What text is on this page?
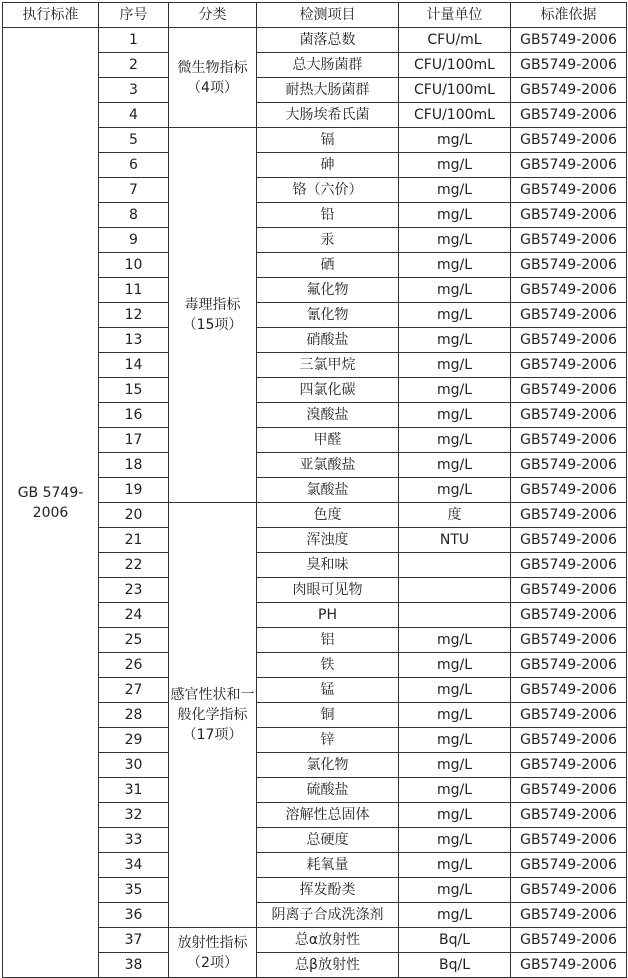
执行标准	序号	分类	检测项目	计量单位	标准依据
GB 5749-2006	1	微生物指标（4项）	菌落总数	CFU/mL	GB5749-2006
	2		总大肠菌群	CFU/100mL	GB5749-2006
	3		耐热大肠菌群	CFU/100mL	GB5749-2006
	4		大肠埃希氏菌	CFU/100mL	GB5749-2006
	5	毒理指标（15项）	镉	mg/L	GB5749-2006
	6		砷	mg/L	GB5749-2006
	7		铬（六价）	mg/L	GB5749-2006
	8		铅	mg/L	GB5749-2006
	9		汞	mg/L	GB5749-2006
	10		硒	mg/L	GB5749-2006
	11		氟化物	mg/L	GB5749-2006
	12		氰化物	mg/L	GB5749-2006
	13		硝酸盐	mg/L	GB5749-2006
	14		三氯甲烷	mg/L	GB5749-2006
	15		四氯化碳	mg/L	GB5749-2006
	16		溴酸盐	mg/L	GB5749-2006
	17		甲醛	mg/L	GB5749-2006
	18		亚氯酸盐	mg/L	GB5749-2006
	19		氯酸盐	mg/L	GB5749-2006
	20	感官性状和一般化学指标（17项）	色度	度	GB5749-2006
	21		浑浊度	NTU	GB5749-2006
	22		臭和味		GB5749-2006
	23		肉眼可见物		GB5749-2006
	24		PH		GB5749-2006
	25		铝	mg/L	GB5749-2006
	26		铁	mg/L	GB5749-2006
	27		锰	mg/L	GB5749-2006
	28		铜	mg/L	GB5749-2006
	29		锌	mg/L	GB5749-2006
	30		氯化物	mg/L	GB5749-2006
	31		硫酸盐	mg/L	GB5749-2006
	32		溶解性总固体	mg/L	GB5749-2006
	33		总硬度	mg/L	GB5749-2006
	34		耗氧量	mg/L	GB5749-2006
	35		挥发酚类	mg/L	GB5749-2006
	36		阴离子合成洗涤剂	mg/L	GB5749-2006
	37	放射性指标（2项）	总α放射性	Bq/L	GB5749-2006
	38		总β放射性	Bq/L	GB5749-2006
